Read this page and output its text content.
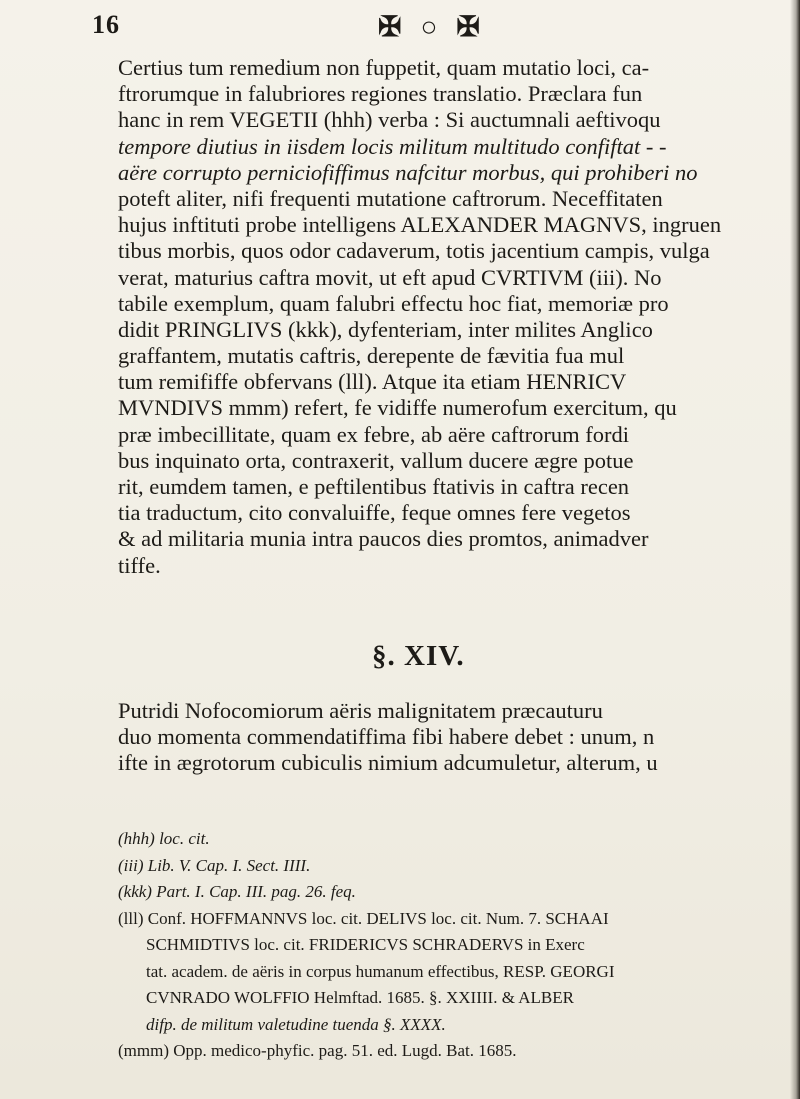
16	✠ ○ ✠
Certius tum remedium non fuppetit, quam mutatio loci, ca-
ftrorumque in falubriores regiones translatio. Præclara fun
hanc in rem VEGETII (hhh) verba : Si auctumnali aeftivoqu
tempore diutius in iisdem locis militum multitudo confiftat - -
aëre corrupto perniciofiffimus nafcitur morbus, qui prohiberi no
poteft aliter, nifi frequenti mutatione caftrorum. Neceffitaten
hujus inftituti probe intelligens ALEXANDER MAGNVS, ingruen
tibus morbis, quos odor cadaverum, totis jacentium campis, vulga
verat, maturius caftra movit, ut eft apud CVRTIVM (iii). No
tabile exemplum, quam falubri effectu hoc fiat, memoriæ pro
didit PRINGLIVS (kkk), dyfenteriam, inter milites Anglico
graffantem, mutatis caftris, derepente de fævitia fua mul
tum remififfe obfervans (lll). Atque ita etiam HENRICV
MVNDIVS mmm) refert, fe vidiffe numerofum exercitum, qu
præ imbecillitate, quam ex febre, ab aëre caftrorum fordi
bus inquinato orta, contraxerit, vallum ducere ægre potue
rit, eumdem tamen, e peftilentibus ftativis in caftra recen
tia traductum, cito convaluiffe, feque omnes fere vegetos
& ad militaria munia intra paucos dies promtos, animadver
tiffe.
§. XIV.
Putridi Nofocomiorum aëris malignitatem præcauturu
duo momenta commendatiffima fibi habere debet : unum, n
ifte in ægrotorum cubiculis nimium adcumuletur, alterum, u
(hhh) loc. cit.
(iii) Lib. V. Cap. I. Sect. IIII.
(kkk) Part. I. Cap. III. pag. 26. feq.
(lll) Conf. HOFFMANNVS loc. cit. DELIVS loc. cit. Num. 7. SCHAAI
SCHMIDTIVS loc. cit. FRIDERICVS SCHRADERVS in Exerc
tat. academ. de aëris in corpus humanum effectibus, RESP. GEORGI
CVNRADO WOLFFIO Helmftad. 1685. §. XXIIII. & ALBER
difp. de militum valetudine tuenda §. XXXX.
(mmm) Opp. medico-phyfic. pag. 51. ed. Lugd. Bat. 1685.
